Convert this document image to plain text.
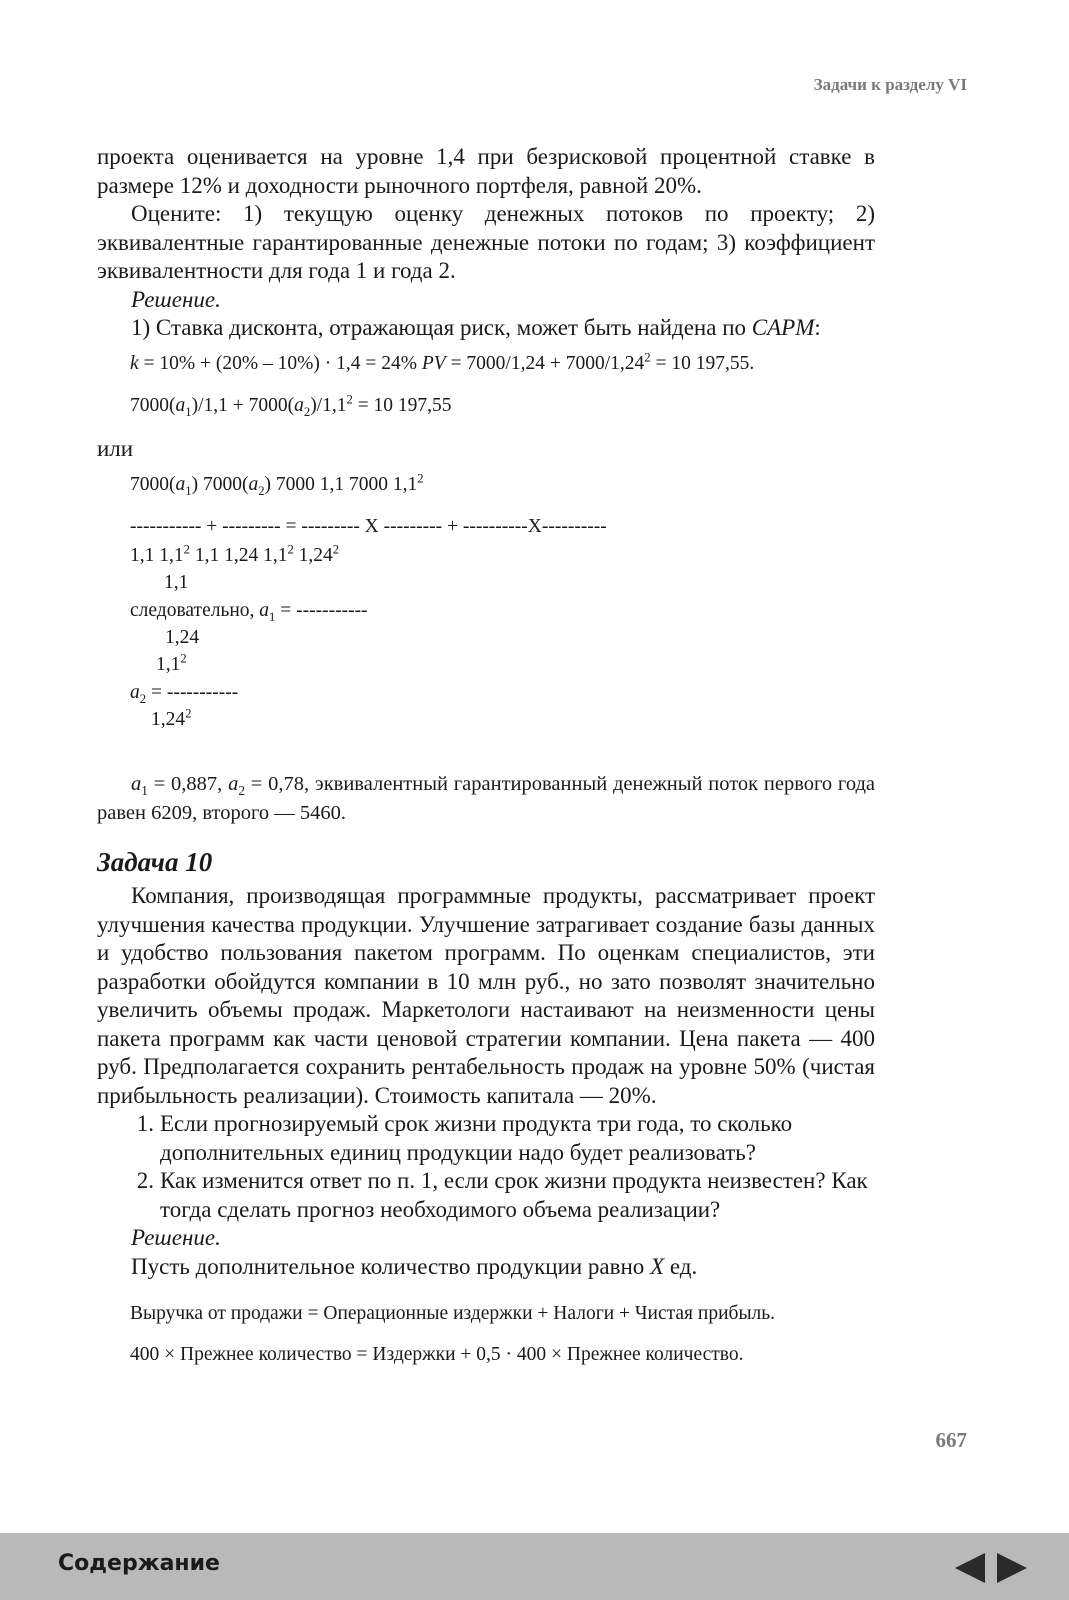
Задачи к разделу VI

проекта оценивается на уровне 1,4 при безрисковой процентной ставке в размере 12% и доходности рыночного портфеля, равной 20%.

Оцените: 1) текущую оценку денежных потоков по проекту; 2) эквивалентные гарантированные денежные потоки по годам; 3) коэффициент эквивалентности для года 1 и года 2.

Решение.

1) Ставка дисконта, отражающая риск, может быть найдена по CAPM:

k = 10% + (20% – 10%) · 1,4 = 24% PV = $7000/1,24 + 7000/1,24^2 = 10$ 197,55.
$7000(a_1)/1,1 + 7000(a_2)/1,1^2 = 10$ 197,55
или
$7000(a_1)$ $7000(a_2)$ 7000 1,1 7000 $1,1^2$
----------- + --------- = --------- X --------- + ----------X----------
1,1 $1,1^2$ 1,1 1,24 $1,1^2$ 1,24$^2$
1,1
следовательно, $a_1$ = -----------
1,24
$1,1^2$
$a_2$ = -----------
1,24$^2$

$a_1 = 0,887$, $a_2 = 0,78$, эквивалентный гарантированный денежный поток первого года равен 6209, второго — 5460.

Задача 10

Компания, производящая программные продукты, рассматривает проект улучшения качества продукции. Улучшение затрагивает создание базы данных и удобство пользования пакетом программ. По оценкам специалистов, эти разработки обойдутся компании в 10 млн руб., но зато позволят значительно увеличить объемы продаж. Маркетологи настаивают на неизменности цены пакета программ как части ценовой стратегии компании. Цена пакета — 400 руб. Предполагается сохранить рентабельность продаж на уровне 50% (чистая прибыльность реализации). Стоимость капитала — 20%.

1. Если прогнозируемый срок жизни продукта три года, то сколько дополнительных единиц продукции надо будет реализовать?
2. Как изменится ответ по п. 1, если срок жизни продукта неизвестен? Как тогда сделать прогноз необходимого объема реализации?

Решение.

Пусть дополнительное количество продукции равно X ед.

Выручка от продажи = Операционные издержки + Налоги + Чистая прибыль.
400 × Прежнее количество = Издержки + 0,5 · 400 × Прежнее количество.
667
Содержание
